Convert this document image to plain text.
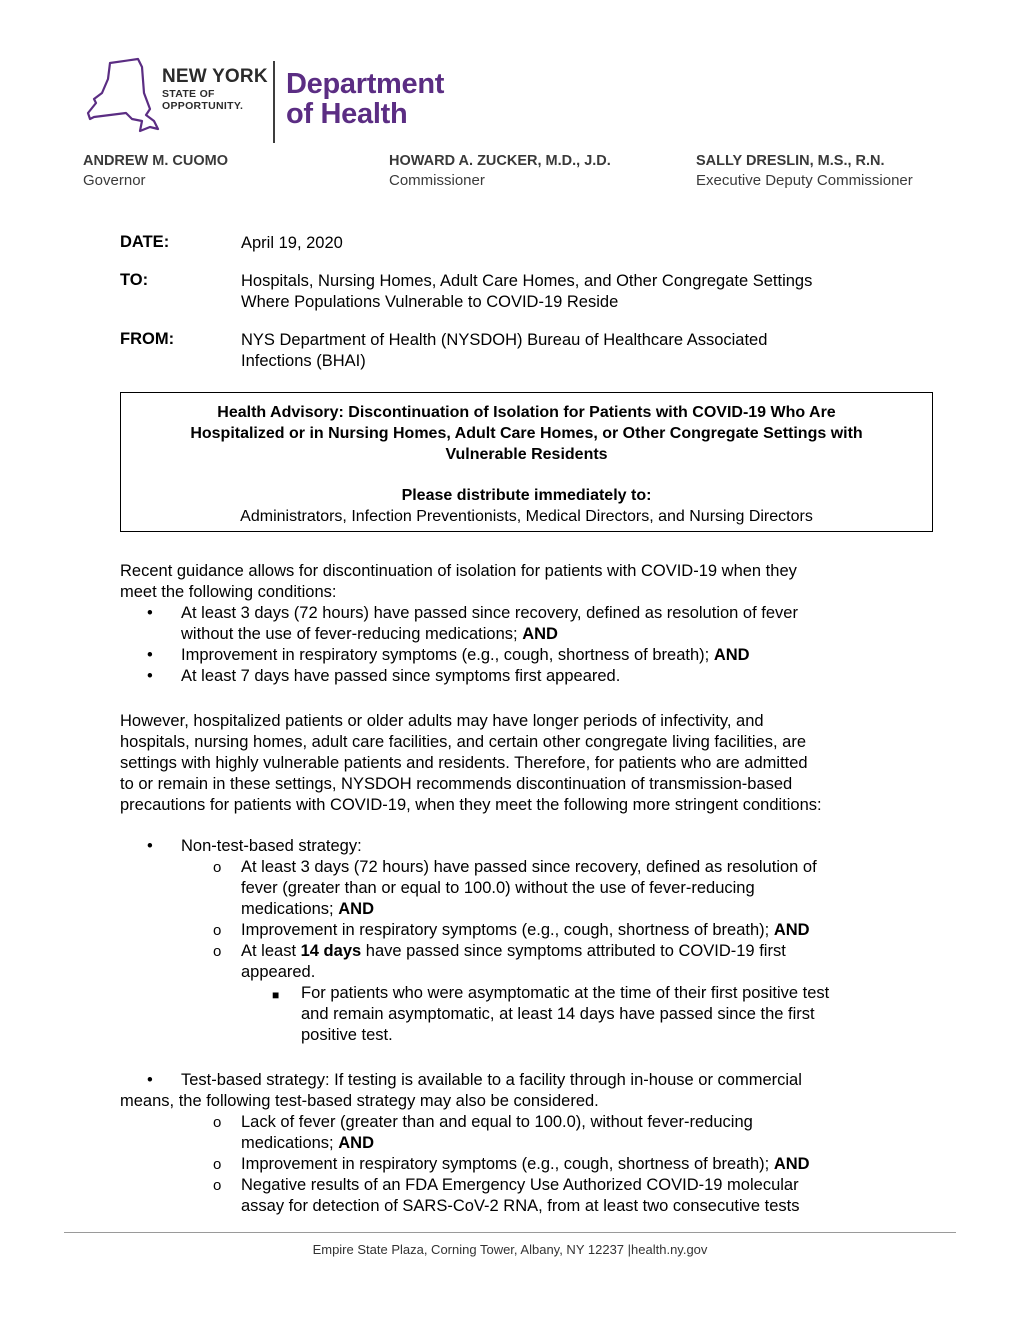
NEW YORK
STATE OF
OPPORTUNITY.
Department
of Health
ANDREW M. CUOMO
Governor
HOWARD A. ZUCKER, M.D., J.D.
Commissioner
SALLY DRESLIN, M.S., R.N.
Executive Deputy Commissioner
DATE:	April 19, 2020
TO:	Hospitals, Nursing Homes, Adult Care Homes, and Other Congregate Settings
Where Populations Vulnerable to COVID-19 Reside
FROM:	NYS Department of Health (NYSDOH) Bureau of Healthcare Associated
Infections (BHAI)
Health Advisory: Discontinuation of Isolation for Patients with COVID-19 Who Are
Hospitalized or in Nursing Homes, Adult Care Homes, or Other Congregate Settings with
Vulnerable Residents
Please distribute immediately to:
Administrators, Infection Preventionists, Medical Directors, and Nursing Directors
Recent guidance allows for discontinuation of isolation for patients with COVID-19 when they
meet the following conditions:
• At least 3 days (72 hours) have passed since recovery, defined as resolution of fever
without the use of fever-reducing medications; AND
• Improvement in respiratory symptoms (e.g., cough, shortness of breath); AND
• At least 7 days have passed since symptoms first appeared.
However, hospitalized patients or older adults may have longer periods of infectivity, and
hospitals, nursing homes, adult care facilities, and certain other congregate living facilities, are
settings with highly vulnerable patients and residents. Therefore, for patients who are admitted
to or remain in these settings, NYSDOH recommends discontinuation of transmission-based
precautions for patients with COVID-19, when they meet the following more stringent conditions:
• Non-test-based strategy:
o At least 3 days (72 hours) have passed since recovery, defined as resolution of
fever (greater than or equal to 100.0) without the use of fever-reducing
medications; AND
o Improvement in respiratory symptoms (e.g., cough, shortness of breath); AND
o At least 14 days have passed since symptoms attributed to COVID-19 first
appeared.
■ For patients who were asymptomatic at the time of their first positive test
and remain asymptomatic, at least 14 days have passed since the first
positive test.
• Test-based strategy: If testing is available to a facility through in-house or commercial
means, the following test-based strategy may also be considered.
o Lack of fever (greater than and equal to 100.0), without fever-reducing
medications; AND
o Improvement in respiratory symptoms (e.g., cough, shortness of breath); AND
o Negative results of an FDA Emergency Use Authorized COVID-19 molecular
assay for detection of SARS-CoV-2 RNA, from at least two consecutive tests
Empire State Plaza, Corning Tower, Albany, NY 12237 |health.ny.gov
